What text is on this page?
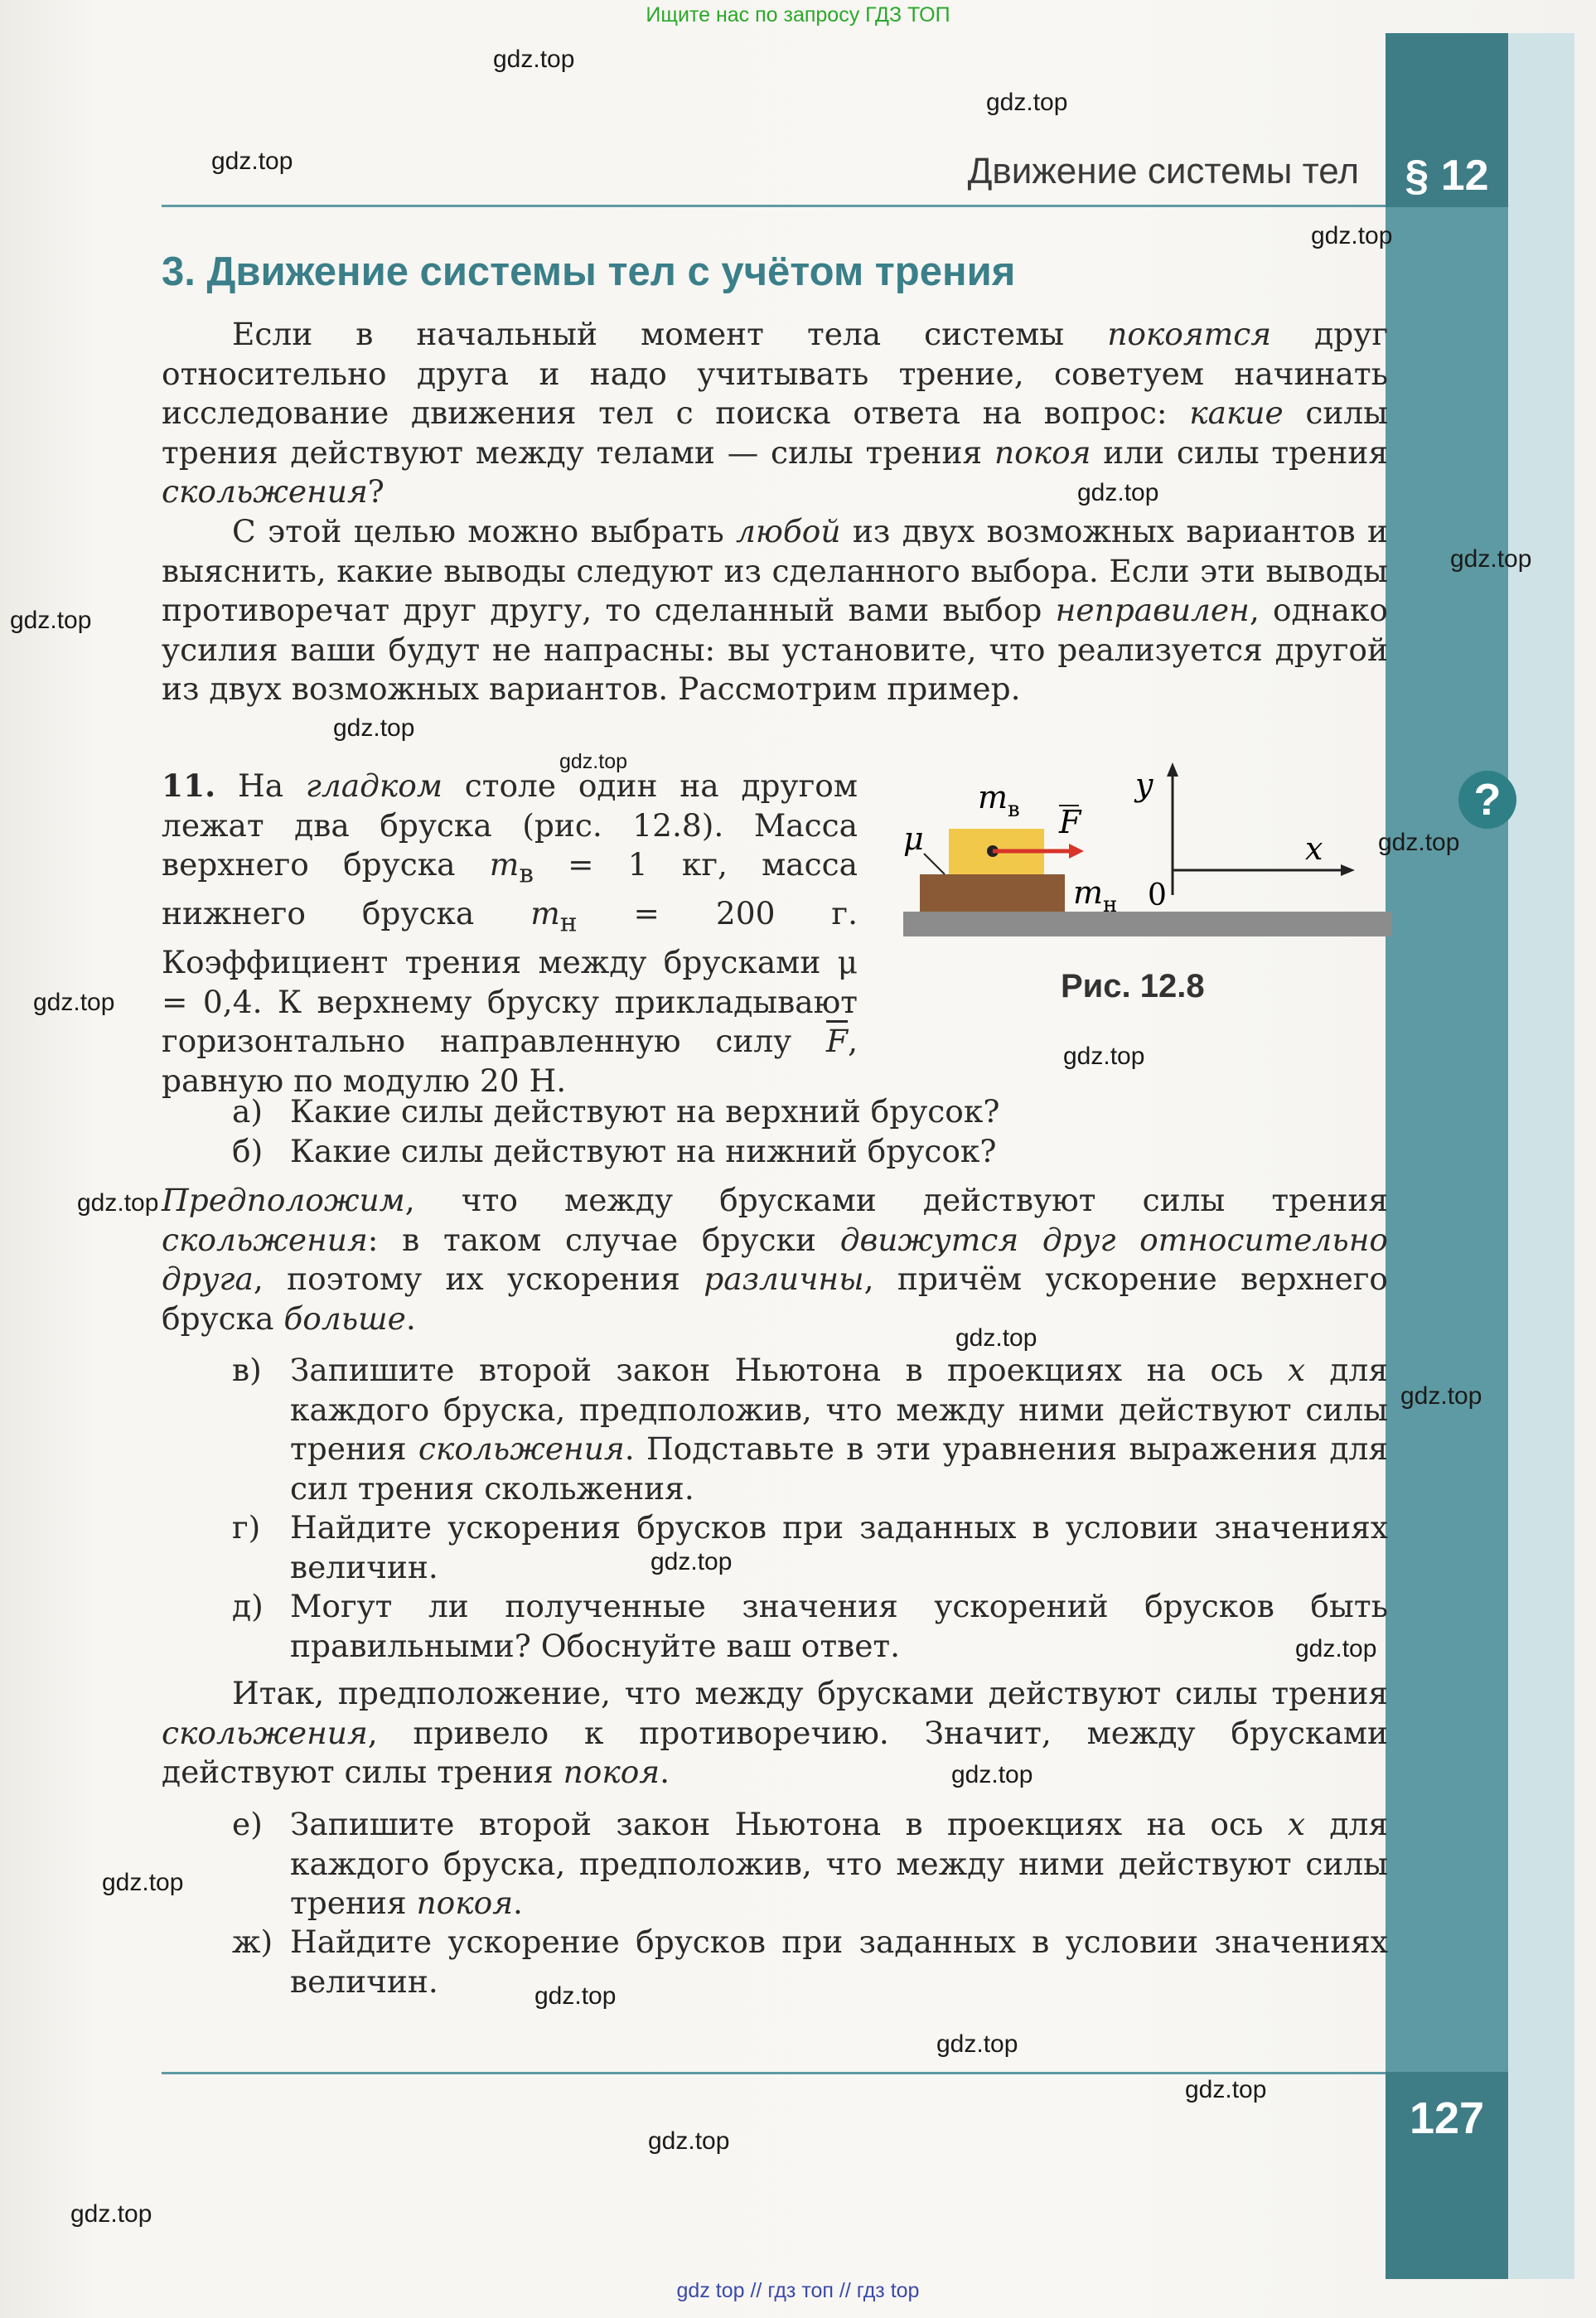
Ищите нас по запросу ГДЗ ТОП
Движение системы тел § 12
?
3. Движение системы тел с учётом трения
Если в начальный момент тела системы покоятся друг относительно друга и надо учитывать трение, советуем начинать исследование движения тел с поиска ответа на вопрос: какие силы трения действуют между телами — силы трения покоя или силы трения скольжения?
С этой целью можно выбрать любой из двух возможных вариантов и выяснить, какие выводы следуют из сделанного выбора. Если эти выводы противоречат друг другу, то сделанный вами выбор неправилен, однако усилия ваши будут не напрасны: вы установите, что реализуется другой из двух возможных вариантов. Рассмотрим пример.
11. На гладком столе один на другом лежат два бруска (рис. 12.8). Масса верхнего бруска $m_в = 1$ кг, масса нижнего бруска $m_н = 200$ г. Коэффициент трения между брусками μ = 0,4. К верхнему бруску прикладывают горизонтально направленную силу $\overline{F}$, равную по модулю 20 Н.
μ
$m_в$ F
$m_н$ 0
y
x
Рис. 12.8
а) Какие силы действуют на верхний брусок?
б) Какие силы действуют на нижний брусок?
Предположим, что между брусками действуют силы трения скольжения: в таком случае бруски движутся друг относительно друга, поэтому их ускорения различны, причём ускорение верхнего бруска больше.
в) Запишите второй закон Ньютона в проекциях на ось x для каждого бруска, предположив, что между ними действуют силы трения скольжения. Подставьте в эти уравнения выражения для сил трения скольжения.
г) Найдите ускорения брусков при заданных в условии значениях величин.
д) Могут ли полученные значения ускорений брусков быть правильными? Обоснуйте ваш ответ.
Итак, предположение, что между брусками действуют силы трения скольжения, привело к противоречию. Значит, между брусками действуют силы трения покоя.
е) Запишите второй закон Ньютона в проекциях на ось x для каждого бруска, предположив, что между ними действуют силы трения покоя.
ж) Найдите ускорение брусков при заданных в условии значениях величин.
127
gdz.top
gdz.top
gdz.top
gdz.top
gdz.top
gdz.top
gdz.top
gdz.top
gdz.top
gdz.top
gdz.top
gdz.top
gdz.top
gdz.top
gdz.top
gdz.top
gdz.top
gdz.top
gdz.top
gdz.top
gdz.top
gdz.top
gdz.top
gdz.top
gdz top // гдз топ // гдз top
